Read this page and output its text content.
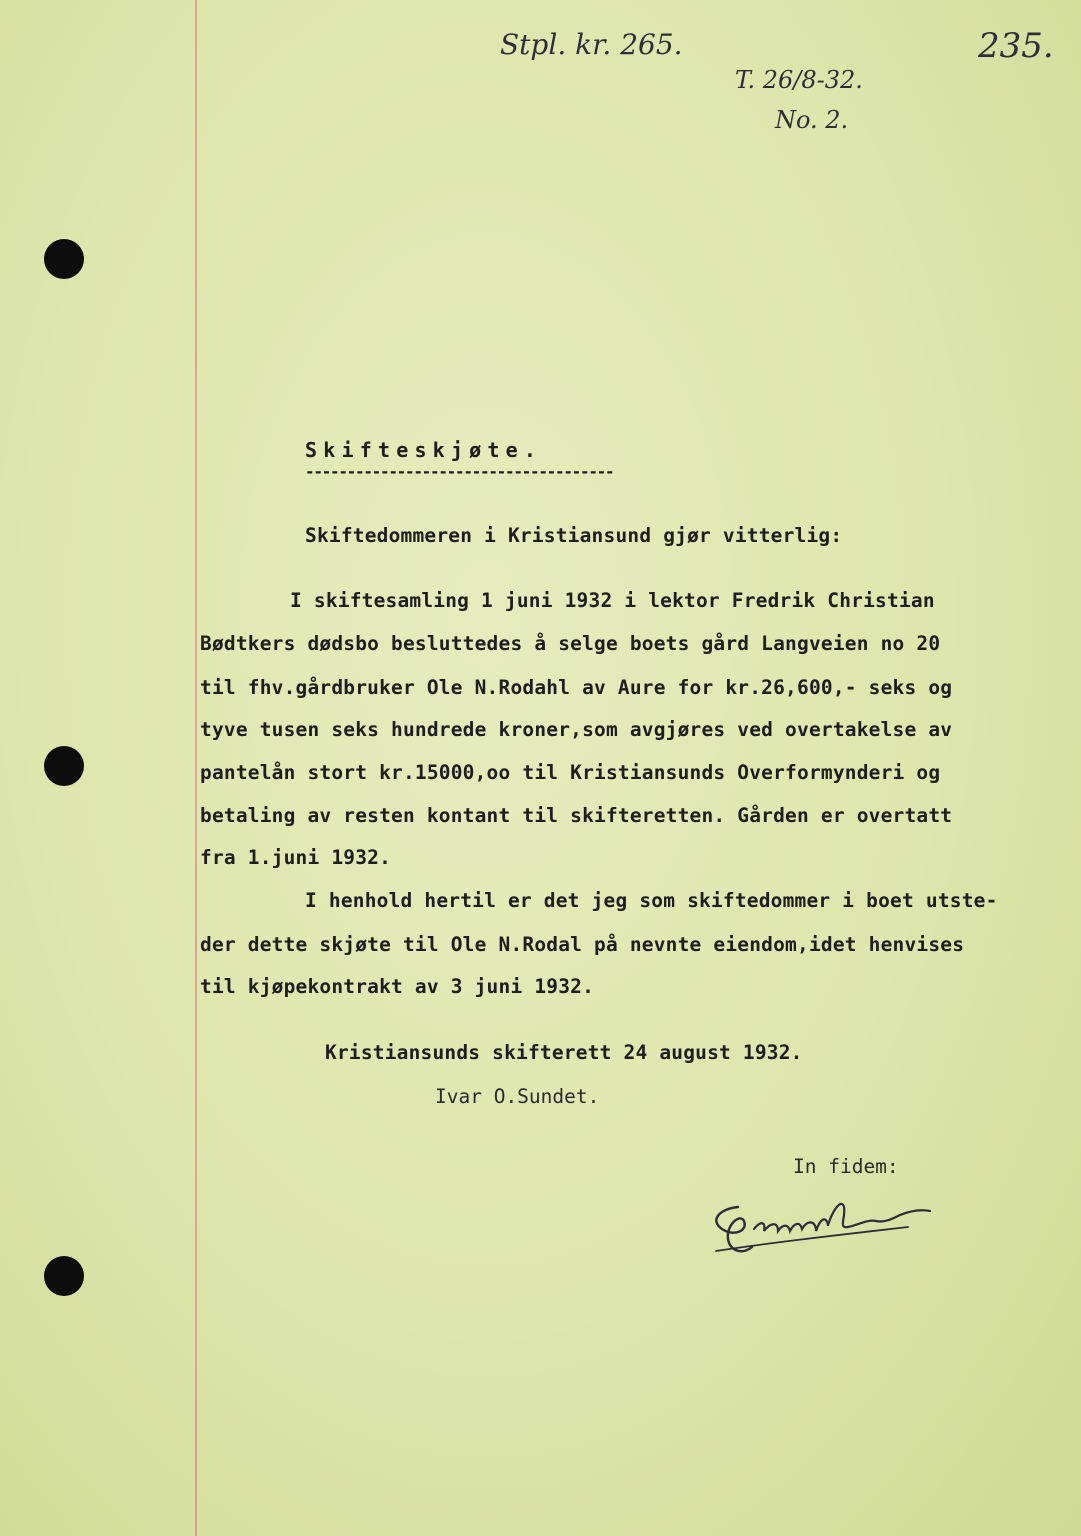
Stpl. kr. 265.	235.
T. 26/8-32.
No. 2.
Skifteskjøte.
-------------------------------------
Skiftedommeren i Kristiansund gjør vitterlig:
I skiftesamling 1 juni 1932 i lektor Fredrik Christian
Bødtkers dødsbo besluttedes å selge boets gård Langveien no 20
til fhv.gårdbruker Ole N.Rodahl av Aure for kr.26,600,- seks og
tyve tusen seks hundrede kroner,som avgjøres ved overtakelse av
pantelån stort kr.15000,oo til Kristiansunds Overformynderi og
betaling av resten kontant til skifteretten. Gården er overtatt
fra 1.juni 1932.
I henhold hertil er det jeg som skiftedommer i boet utste-
der dette skjøte til Ole N.Rodal på nevnte eiendom,idet henvises
til kjøpekontrakt av 3 juni 1932.
Kristiansunds skifterett 24 august 1932.
Ivar O.Sundet.
In fidem:
